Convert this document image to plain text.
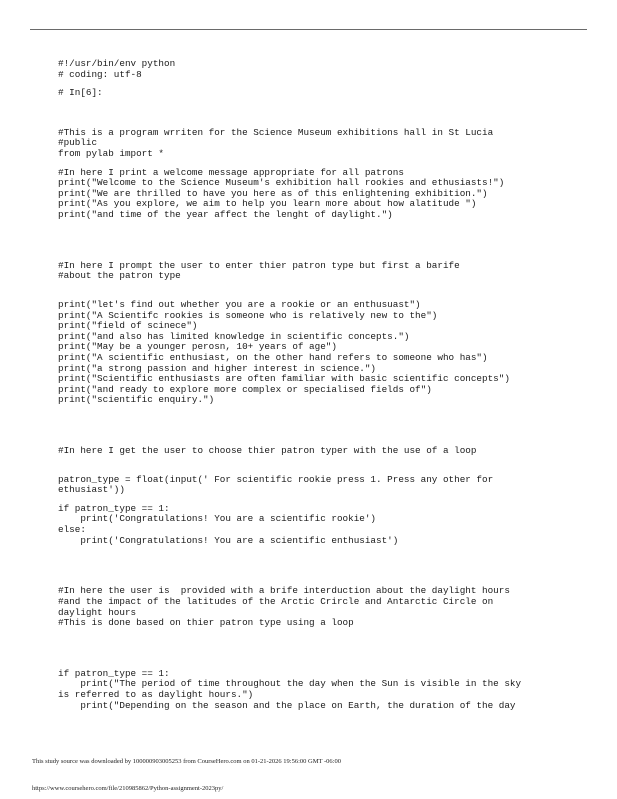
#!/usr/bin/env python
# coding: utf-8
# In[6]:
#This is a program wrriten for the Science Museum exhibitions hall in St Lucia
#public
from pylab import *
#In here I print a welcome message appropriate for all patrons
print("Welcome to the Science Museum's exhibition hall rookies and ethusiasts!")
print("We are thrilled to have you here as of this enlightening exhibition.")
print("As you explore, we aim to help you learn more about how alatitude ")
print("and time of the year affect the lenght of daylight.")
#In here I prompt the user to enter thier patron type but first a barife
#about the patron type
print("let's find out whether you are a rookie or an enthusuast")
print("A Scientifc rookies is someone who is relatively new to the")
print("field of scinece")
print("and also has limited knowledge in scientific concepts.")
print("May be a younger perosn, 10+ years of age")
print("A scientific enthusiast, on the other hand refers to someone who has")
print("a strong passion and higher interest in science.")
print("Scientific enthusiasts are often familiar with basic scientific concepts")
print("and ready to explore more complex or specialised fields of")
print("scientific enquiry.")
#In here I get the user to choose thier patron typer with the use of a loop
patron_type = float(input(' For scientific rookie press 1. Press any other for
ethusiast'))
if patron_type == 1:
print('Congratulations! You are a scientific rookie')
else:
print('Congratulations! You are a scientific enthusiast')
#In here the user is  provided with a brife interduction about the daylight hours
#and the impact of the latitudes of the Arctic Crircle and Antarctic Circle on
daylight hours
#This is done based on thier patron type using a loop
if patron_type == 1:
print("The period of time throughout the day when the Sun is visible in the sky
is referred to as daylight hours.")
print("Depending on the season and the place on Earth, the duration of the day
This study source was downloaded by 100000903005253 from CourseHero.com on 01-21-2026 19:56:00 GMT -06:00
https://www.coursehero.com/file/210985862/Python-assignment-2023py/
